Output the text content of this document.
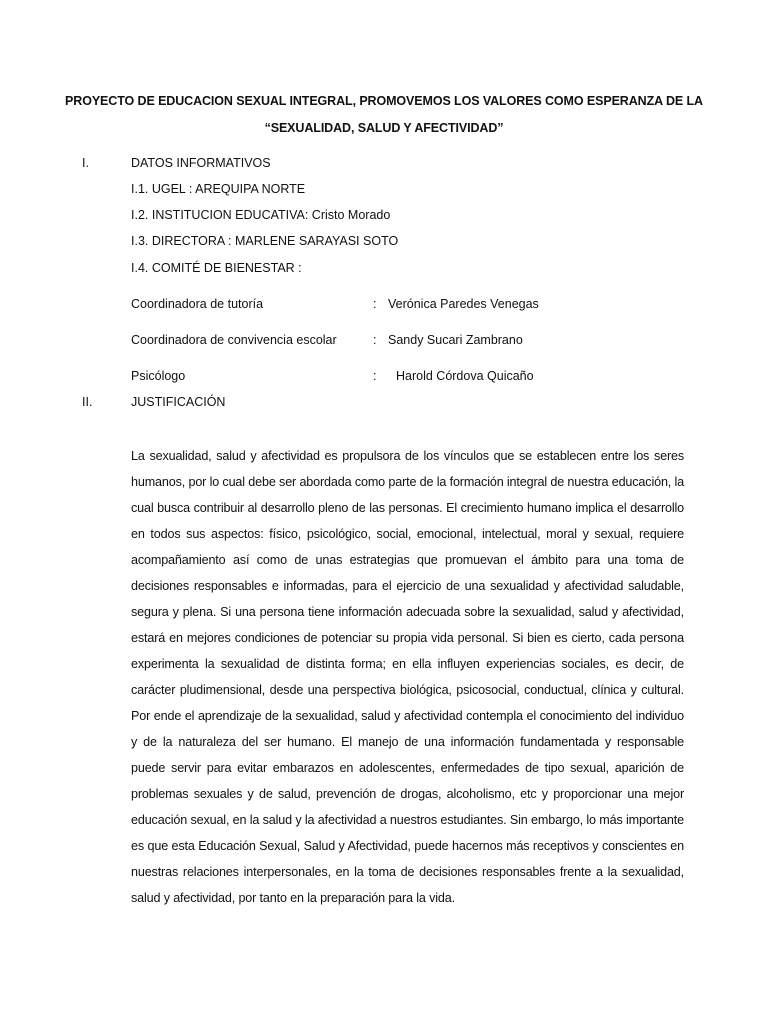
PROYECTO DE EDUCACION SEXUAL INTEGRAL, PROMOVEMOS LOS VALORES COMO ESPERANZA DE LA
“SEXUALIDAD, SALUD Y AFECTIVIDAD”
I.	DATOS INFORMATIVOS
I.1. UGEL : AREQUIPA NORTE
I.2. INSTITUCION EDUCATIVA: Cristo Morado
I.3. DIRECTORA : MARLENE SARAYASI SOTO
I.4. COMITÉ DE BIENESTAR :
Coordinadora de tutoría	: Verónica Paredes Venegas
Coordinadora de convivencia escolar	: Sandy Sucari Zambrano
Psicólogo	: Harold Córdova Quicaño
II.	JUSTIFICACIÓN
La sexualidad, salud y afectividad es propulsora de los vínculos que se establecen entre los seres humanos, por lo cual debe ser abordada como parte de la formación integral de nuestra educación, la cual busca contribuir al desarrollo pleno de las personas. El crecimiento humano implica el desarrollo en todos sus aspectos: físico, psicológico, social, emocional, intelectual, moral y sexual, requiere acompañamiento así como de unas estrategias que promuevan el ámbito para una toma de decisiones responsables e informadas, para el ejercicio de una sexualidad y afectividad saludable, segura y plena. Si una persona tiene información adecuada sobre la sexualidad, salud y afectividad, estará en mejores condiciones de potenciar su propia vida personal. Si bien es cierto, cada persona experimenta la sexualidad de distinta forma; en ella influyen experiencias sociales, es decir, de carácter pludimensional, desde una perspectiva biológica, psicosocial, conductual, clínica y cultural. Por ende el aprendizaje de la sexualidad, salud y afectividad contempla el conocimiento del individuo y de la naturaleza del ser humano. El manejo de una información fundamentada y responsable puede servir para evitar embarazos en adolescentes, enfermedades de tipo sexual, aparición de problemas sexuales y de salud, prevención de drogas, alcoholismo, etc y proporcionar una mejor educación sexual, en la salud y la afectividad a nuestros estudiantes. Sin embargo, lo más importante es que esta Educación Sexual, Salud y Afectividad, puede hacernos más receptivos y conscientes en nuestras relaciones interpersonales, en la toma de decisiones responsables frente a la sexualidad, salud y afectividad, por tanto en la preparación para la vida.
